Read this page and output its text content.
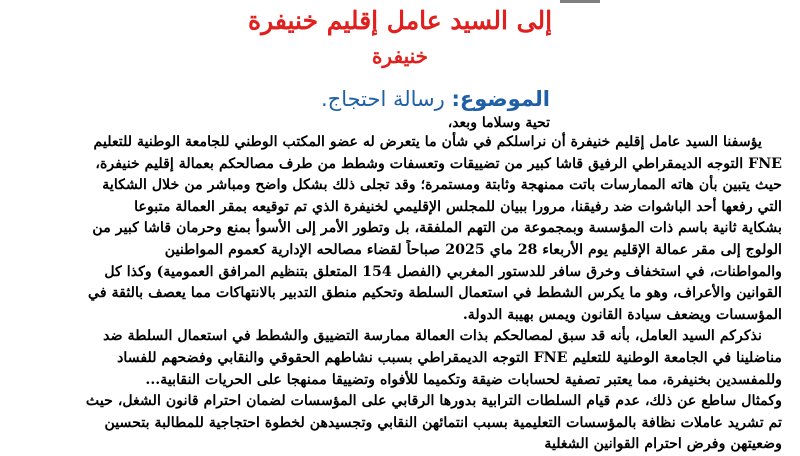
إلى السيد عامل إقليم خنيفرة
خنيفرة
الموضوع: رسالة احتجاج.
تحية وسلاما وبعد،
يؤسفنا السيد عامل إقليم خنيفرة أن نراسلكم في شأن ما يتعرض له عضو المكتب الوطني للجامعة الوطنية للتعليم
FNE التوجه الديمقراطي الرفيق قاشا كبير من تضييقات وتعسفات وشطط من طرف مصالحكم بعمالة إقليم خنيفرة،
حيث يتبين بأن هاته الممارسات باتت ممنهجة وثابتة ومستمرة؛ وقد تجلى ذلك بشكل واضح ومباشر من خلال الشكاية
التي رفعها أحد الباشوات ضد رفيقنا، مرورا ببيان للمجلس الإقليمي لخنيفرة الذي تم توقيعه بمقر العمالة متبوعا
بشكاية ثانية باسم ذات المؤسسة وبمجموعة من التهم الملفقة، بل وتطور الأمر إلى الأسوأ بمنع وحرمان قاشا كبير من
الولوج إلى مقر عمالة الإقليم يوم الأربعاء 28 ماي 2025 صباحاً لقضاء مصالحه الإدارية كعموم المواطنين
والمواطنات، في استخفاف وخرق سافر للدستور المغربي (الفصل 154 المتعلق بتنظيم المرافق العمومية) وكذا كل
القوانين والأعراف، وهو ما يكرس الشطط في استعمال السلطة وتحكيم منطق التدبير بالانتهاكات مما يعصف بالثقة في
المؤسسات ويضعف سيادة القانون ويمس بهيبة الدولة.
نذكركم السيد العامل، بأنه قد سبق لمصالحكم بذات العمالة ممارسة التضييق والشطط في استعمال السلطة ضد
مناضلينا في الجامعة الوطنية للتعليم FNE التوجه الديمقراطي بسبب نشاطهم الحقوقي والنقابي وفضحهم للفساد
وللمفسدين بخنيفرة، مما يعتبر تصفية لحسابات ضيقة وتكميما للأفواه وتضييقا ممنهجا على الحريات النقابية...
وكمثال ساطع عن ذلك، عدم قيام السلطات الترابية بدورها الرقابي على المؤسسات لضمان احترام قانون الشغل، حيث
تم تشريد عاملات نظافة بالمؤسسات التعليمية بسبب انتمائهن النقابي وتجسيدهن لخطوة احتجاجية للمطالبة بتحسين
وضعيتهن وفرض احترام القوانين الشغلية
